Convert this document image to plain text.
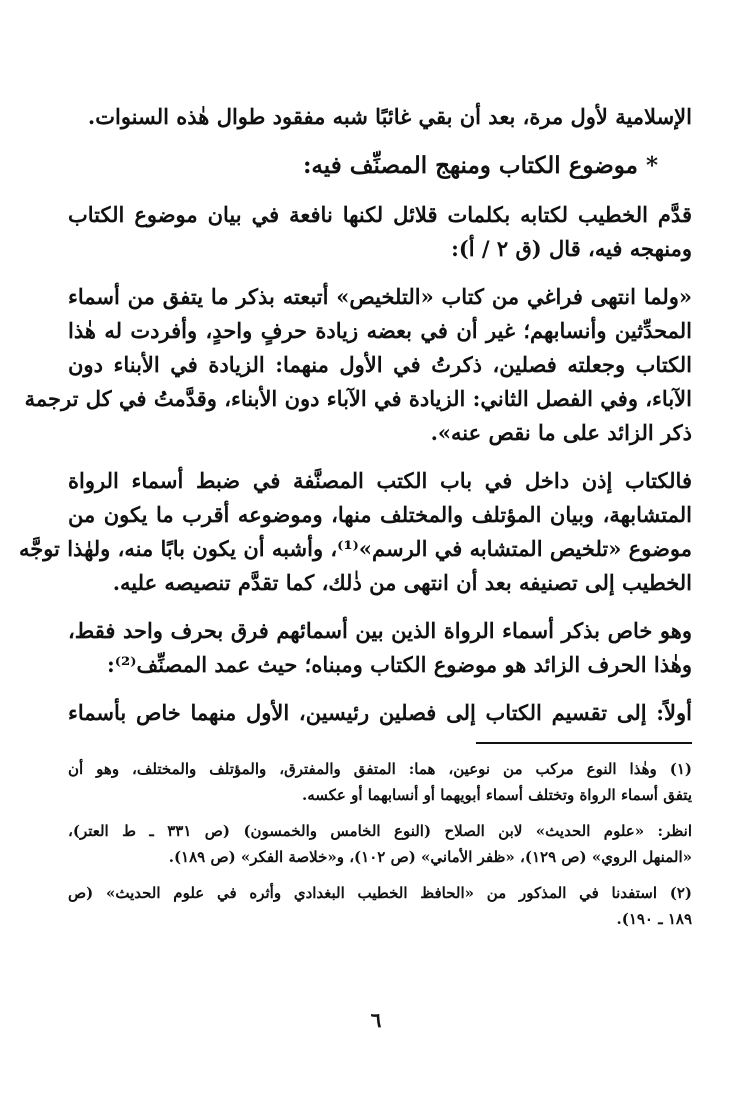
الإسلامية لأول مرة، بعد أن بقي غائبًا شبه مفقود طوال هٰذه السنوات.
* موضوع الكتاب ومنهج المصنِّف فيه:
قدَّم الخطيب لكتابه بكلمات قلائل لكنها نافعة في بيان موضوع الكتاب
ومنهجه فيه، قال (ق ٢ / أ):
«ولما انتهى فراغي من كتاب «التلخيص» أتبعته بذكر ما يتفق من أسماء
المحدِّثين وأنسابهم؛ غير أن في بعضه زيادة حرفٍ واحدٍ، وأفردت له هٰذا
الكتاب وجعلته فصلين، ذكرتُ في الأول منهما: الزيادة في الأبناء دون
الآباء، وفي الفصل الثاني: الزيادة في الآباء دون الأبناء، وقدَّمتُ في كل ترجمة
ذكر الزائد على ما نقص عنه».
فالكتاب إذن داخل في باب الكتب المصنَّفة في ضبط أسماء الرواة
المتشابهة، وبيان المؤتلف والمختلف منها، وموضوعه أقرب ما يكون من
موضوع «تلخيص المتشابه في الرسم»⁽¹⁾، وأشبه أن يكون بابًا منه، ولهٰذا توجَّه
الخطيب إلى تصنيفه بعد أن انتهى من ذٰلك، كما تقدَّم تنصيصه عليه.
وهو خاص بذكر أسماء الرواة الذين بين أسمائهم فرق بحرف واحد فقط،
وهٰذا الحرف الزائد هو موضوع الكتاب ومبناه؛ حيث عمد المصنِّف⁽²⁾:
أولاً: إلى تقسيم الكتاب إلى فصلين رئيسين، الأول منهما خاص بأسماء
(١) وهٰذا النوع مركب من نوعين، هما: المتفق والمفترق، والمؤتلف والمختلف، وهو أن
يتفق أسماء الرواة وتختلف أسماء أبويهما أو أنسابهما أو عكسه.
انظر: «علوم الحديث» لابن الصلاح (النوع الخامس والخمسون) (ص ٣٣١ ـ ط العتر)،
«المنهل الروي» (ص ١٢٩)، «ظفر الأماني» (ص ١٠٢)، و«خلاصة الفكر» (ص ١٨٩).
(٢) استفدنا في المذكور من «الحافظ الخطيب البغدادي وأثره في علوم الحديث» (ص
١٨٩ ـ ١٩٠).
٦
